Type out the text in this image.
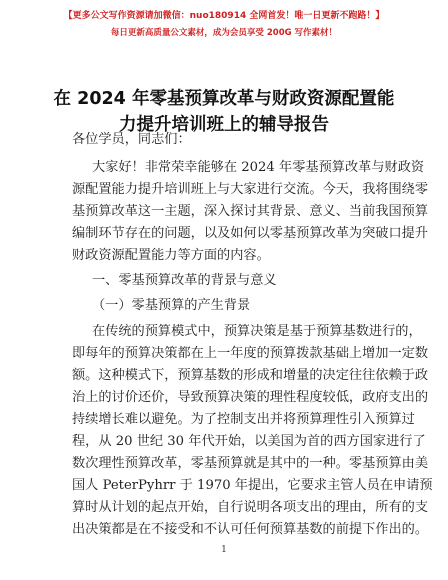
【更多公文写作资源请加微信：nuo180914 全网首发！唯一日更新不跑路！】
每日更新高质量公文素材，成为会员享受 200G 写作素材！
在 2024 年零基预算改革与财政资源配置能力提升培训班上的辅导报告

各位学员，同志们：

大家好！非常荣幸能够在 2024 年零基预算改革与财政资

源配置能力提升培训班上与大家进行交流。今天，我将围绕零

基预算改革这一主题，深入探讨其背景、意义、当前我国预算

编制环节存在的问题，以及如何以零基预算改革为突破口提升

财政资源配置能力等方面的内容。

一、零基预算改革的背景与意义

（一）零基预算的产生背景

在传统的预算模式中，预算决策是基于预算基数进行的，

即每年的预算决策都在上一年度的预算拨款基础上增加一定数

额。这种模式下，预算基数的形成和增量的决定往往依赖于政

治上的讨价还价，导致预算决策的理性程度较低，政府支出的

持续增长难以避免。为了控制支出并将预算理性引入预算过

程，从 20 世纪 30 年代开始，以美国为首的西方国家进行了

数次理性预算改革，零基预算就是其中的一种。零基预算由美

国人 PeterPyhrr 于 1970 年提出，它要求主管人员在申请预

算时从计划的起点开始，自行说明各项支出的理由，所有的支

出决策都是在不接受和不认可任何预算基数的前提下作出的。

1
